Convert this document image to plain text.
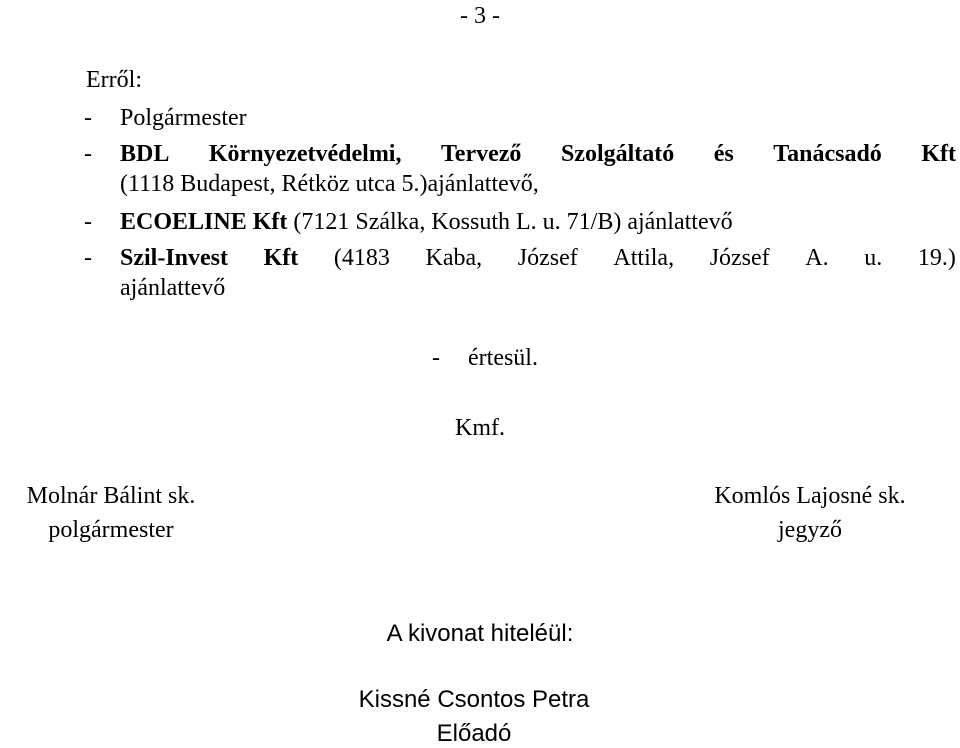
- 3 -
Erről:
- Polgármester
- BDL Környezetvédelmi, Tervező Szolgáltató és Tanácsadó Kft
(1118 Budapest, Rétköz utca 5.)ajánlattevő,
- ECOELINE Kft (7121 Szálka, Kossuth L. u. 71/B) ajánlattevő
- Szil-Invest Kft (4183 Kaba, József Attila, József A. u. 19.)
ajánlattevő
- értesül.
Kmf.
Molnár Bálint sk.
polgármester
Komlós Lajosné sk.
jegyző
A kivonat hiteléül:
Kissné Csontos Petra
Előadó
